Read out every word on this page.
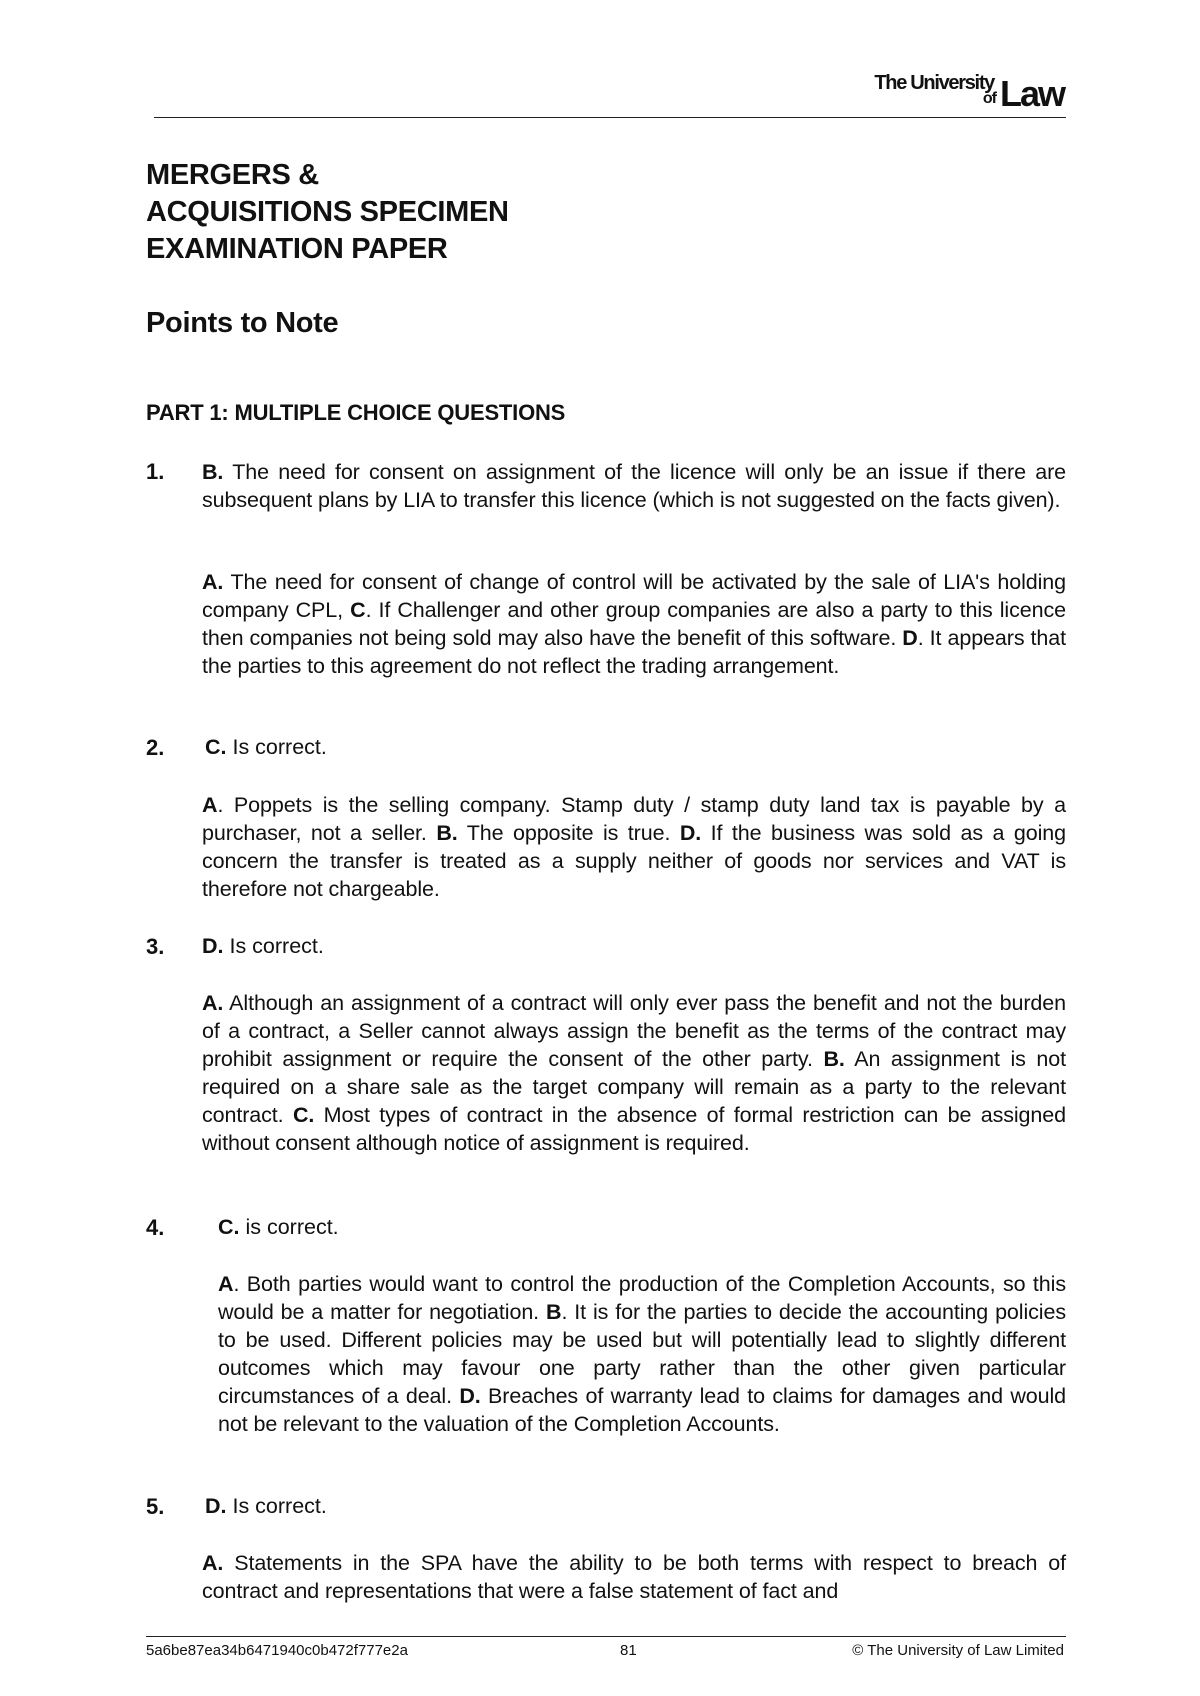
The University
of Law
MERGERS &
ACQUISITIONS SPECIMEN
EXAMINATION PAPER
Points to Note
PART 1: MULTIPLE CHOICE QUESTIONS
1. B. The need for consent on assignment of the licence will only be an issue if there are subsequent plans by LIA to transfer this licence (which is not suggested on the facts given).
A. The need for consent of change of control will be activated by the sale of LIA's holding company CPL, C. If Challenger and other group companies are also a party to this licence then companies not being sold may also have the benefit of this software. D. It appears that the parties to this agreement do not reflect the trading arrangement.
2. C. Is correct.
A. Poppets is the selling company. Stamp duty / stamp duty land tax is payable by a purchaser, not a seller. B. The opposite is true. D. If the business was sold as a going concern the transfer is treated as a supply neither of goods nor services and VAT is therefore not chargeable.
3. D. Is correct.
A. Although an assignment of a contract will only ever pass the benefit and not the burden of a contract, a Seller cannot always assign the benefit as the terms of the contract may prohibit assignment or require the consent of the other party. B. An assignment is not required on a share sale as the target company will remain as a party to the relevant contract. C. Most types of contract in the absence of formal restriction can be assigned without consent although notice of assignment is required.
4. C. is correct.
A. Both parties would want to control the production of the Completion Accounts, so this would be a matter for negotiation. B. It is for the parties to decide the accounting policies to be used. Different policies may be used but will potentially lead to slightly different outcomes which may favour one party rather than the other given particular circumstances of a deal. D. Breaches of warranty lead to claims for damages and would not be relevant to the valuation of the Completion Accounts.
5. D. Is correct.
A. Statements in the SPA have the ability to be both terms with respect to breach of contract and representations that were a false statement of fact and
5a6be87ea34b6471940c0b472f777e2a	81	© The University of Law Limited
